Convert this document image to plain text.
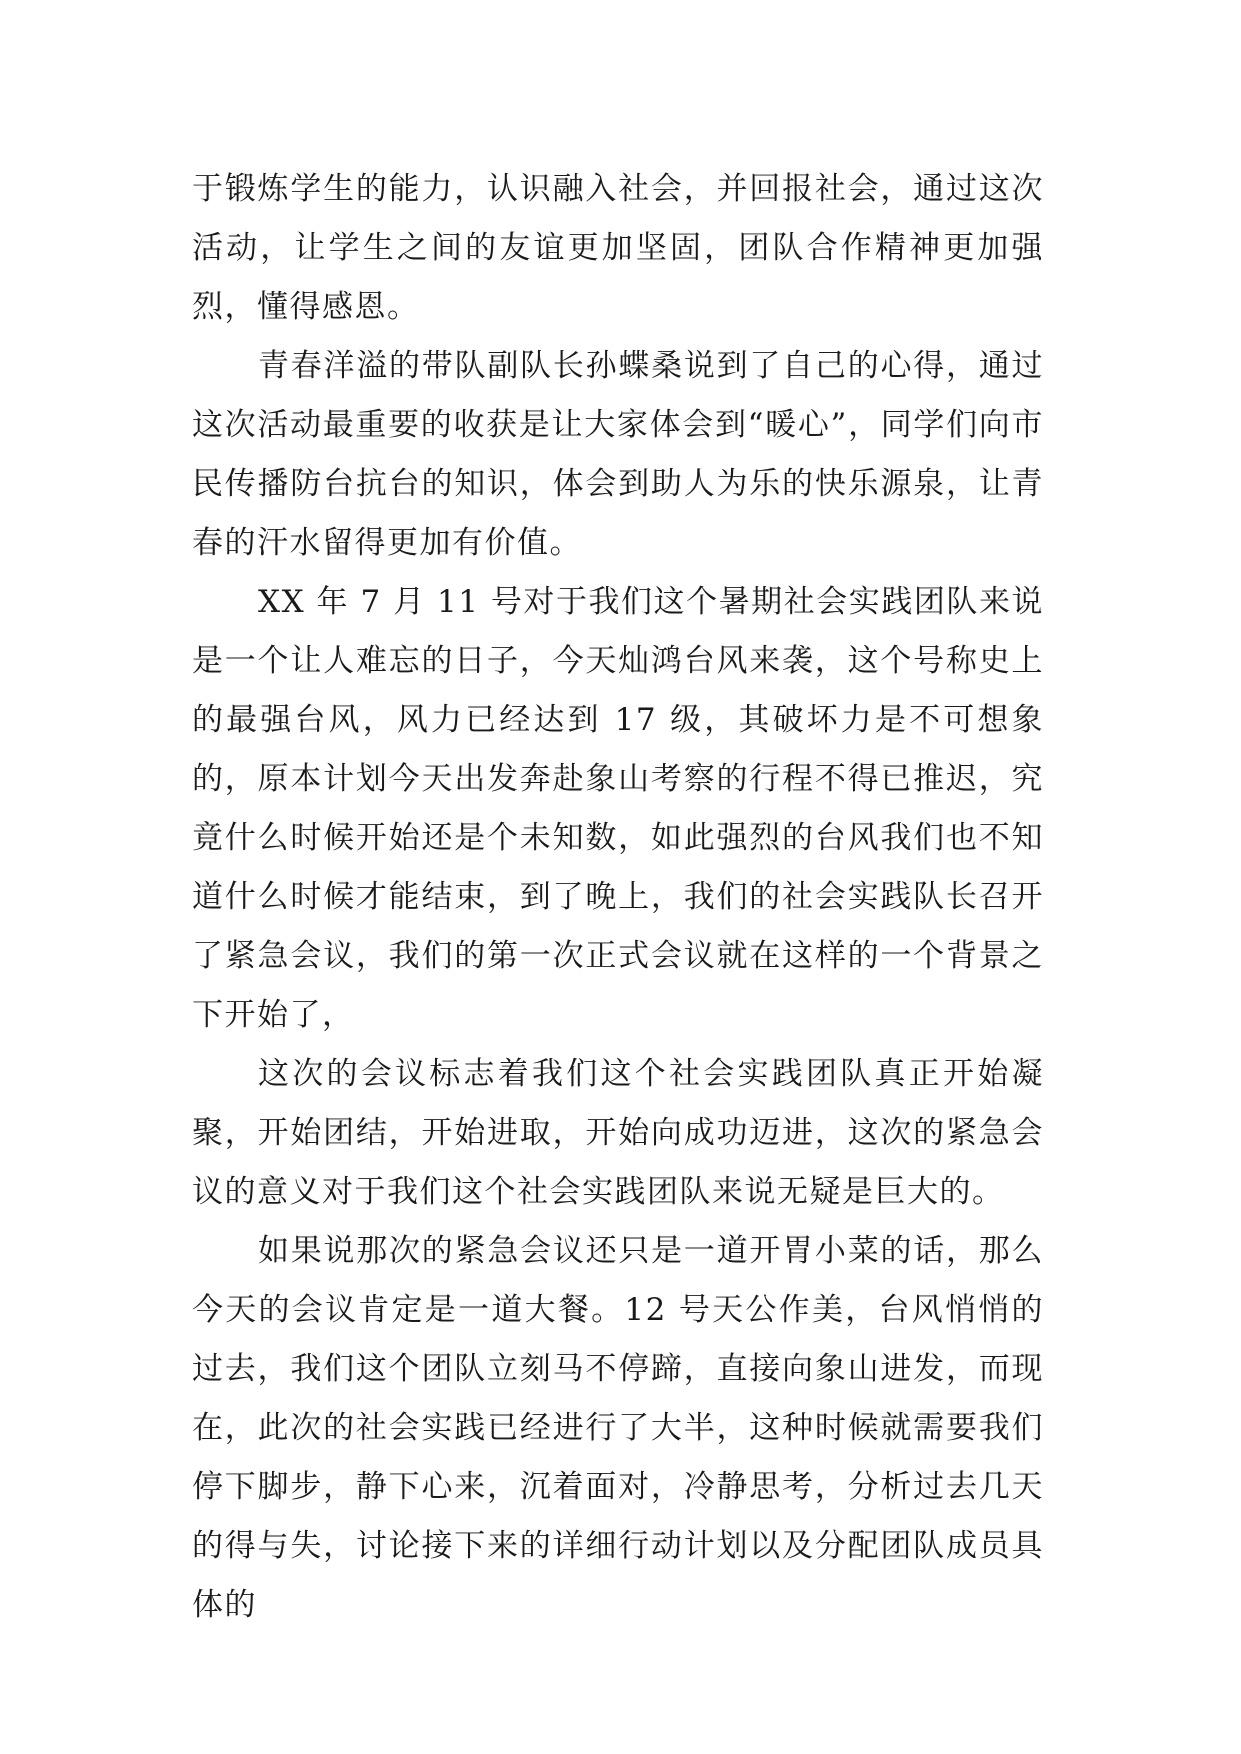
于锻炼学生的能力，认识融入社会，并回报社会，通过这次活动，让学生之间的友谊更加坚固，团队合作精神更加强烈，懂得感恩。

青春洋溢的带队副队长孙蝶桑说到了自己的心得，通过这次活动最重要的收获是让大家体会到“暖心”，同学们向市民传播防台抗台的知识，体会到助人为乐的快乐源泉，让青春的汗水留得更加有价值。

XX 年 7 月 11 号对于我们这个暑期社会实践团队来说是一个让人难忘的日子，今天灿鸿台风来袭，这个号称史上的最强台风，风力已经达到 17 级，其破坏力是不可想象的，原本计划今天出发奔赴象山考察的行程不得已推迟，究竟什么时候开始还是个未知数，如此强烈的台风我们也不知道什么时候才能结束，到了晚上，我们的社会实践队长召开了紧急会议，我们的第一次正式会议就在这样的一个背景之下开始了，

这次的会议标志着我们这个社会实践团队真正开始凝聚，开始团结，开始进取，开始向成功迈进，这次的紧急会议的意义对于我们这个社会实践团队来说无疑是巨大的。

如果说那次的紧急会议还只是一道开胃小菜的话，那么今天的会议肯定是一道大餐。12 号天公作美，台风悄悄的过去，我们这个团队立刻马不停蹄，直接向象山进发，而现在，此次的社会实践已经进行了大半，这种时候就需要我们停下脚步，静下心来，沉着面对，冷静思考，分析过去几天的得与失，讨论接下来的详细行动计划以及分配团队成员具体的
